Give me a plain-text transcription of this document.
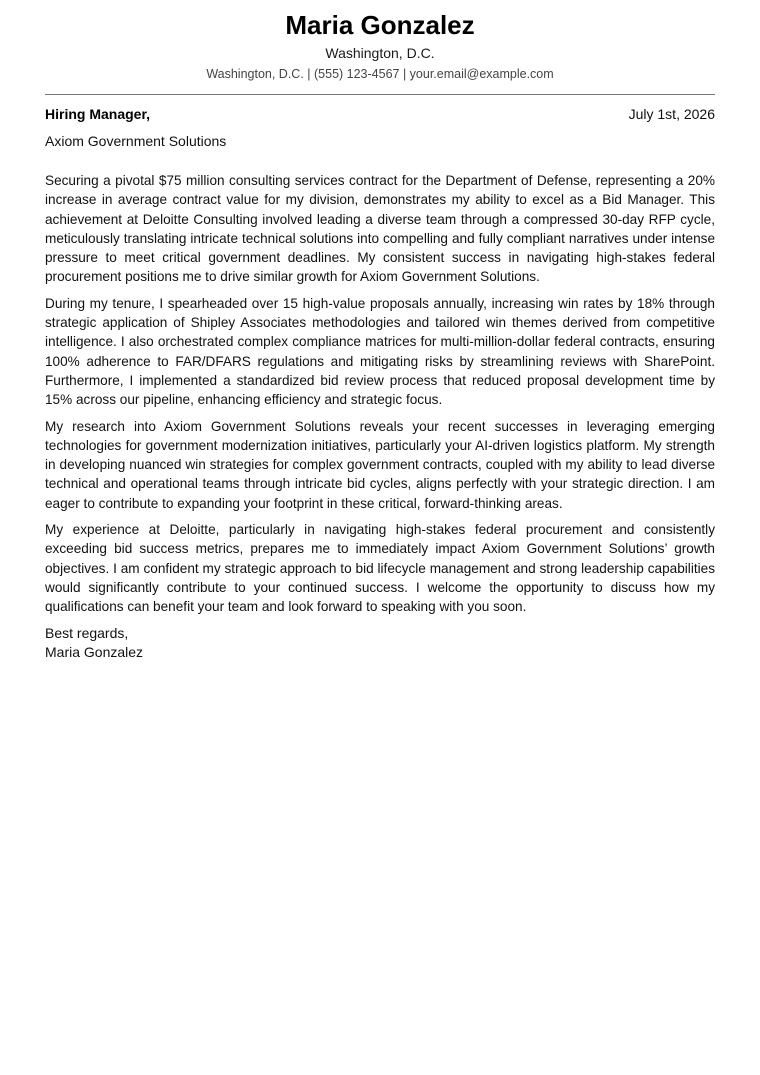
Maria Gonzalez
Washington, D.C.
Washington, D.C. | (555) 123-4567 | your.email@example.com
Hiring Manager,	July 1st, 2026
Axiom Government Solutions

Securing a pivotal $75 million consulting services contract for the Department of Defense, representing a 20% increase in average contract value for my division, demonstrates my ability to excel as a Bid Manager. This achievement at Deloitte Consulting involved leading a diverse team through a compressed 30-day RFP cycle, meticulously translating intricate technical solutions into compelling and fully compliant narratives under intense pressure to meet critical government deadlines. My consistent success in navigating high-stakes federal procurement positions me to drive similar growth for Axiom Government Solutions.

During my tenure, I spearheaded over 15 high-value proposals annually, increasing win rates by 18% through strategic application of Shipley Associates methodologies and tailored win themes derived from competitive intelligence. I also orchestrated complex compliance matrices for multi-million-dollar federal contracts, ensuring 100% adherence to FAR/DFARS regulations and mitigating risks by streamlining reviews with SharePoint. Furthermore, I implemented a standardized bid review process that reduced proposal development time by 15% across our pipeline, enhancing efficiency and strategic focus.

My research into Axiom Government Solutions reveals your recent successes in leveraging emerging technologies for government modernization initiatives, particularly your AI-driven logistics platform. My strength in developing nuanced win strategies for complex government contracts, coupled with my ability to lead diverse technical and operational teams through intricate bid cycles, aligns perfectly with your strategic direction. I am eager to contribute to expanding your footprint in these critical, forward-thinking areas.

My experience at Deloitte, particularly in navigating high-stakes federal procurement and consistently exceeding bid success metrics, prepares me to immediately impact Axiom Government Solutions’ growth objectives. I am confident my strategic approach to bid lifecycle management and strong leadership capabilities would significantly contribute to your continued success. I welcome the opportunity to discuss how my qualifications can benefit your team and look forward to speaking with you soon.

Best regards,
Maria Gonzalez
